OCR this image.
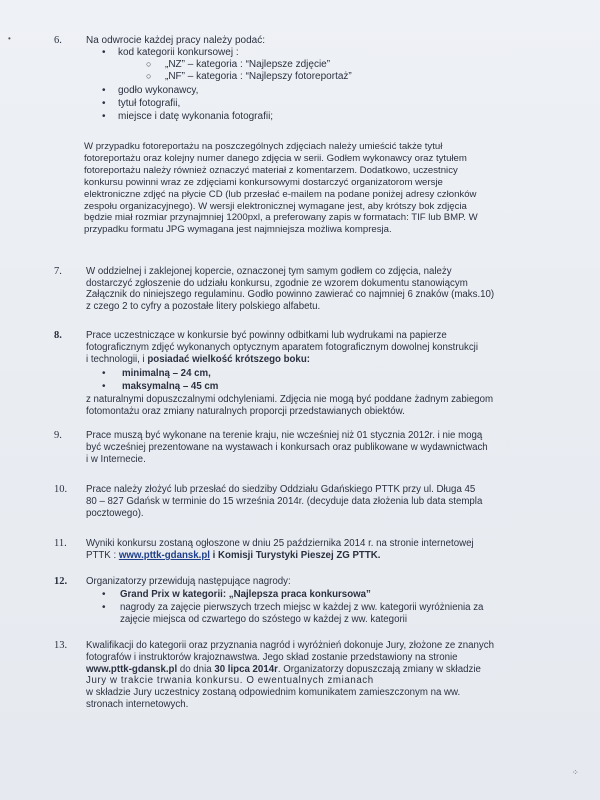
•
⁘
6. Na odwrocie każdej pracy należy podać:
• kod kategorii konkursowej :
○ „NZ” – kategoria : “Najlepsze zdjęcie”
○ „NF” – kategoria : “Najlepszy fotoreportaż”
• godło wykonawcy,
• tytuł fotografii,
• miejsce i datę wykonania fotografii;
W przypadku fotoreportażu na poszczególnych zdjęciach należy umieścić także tytuł
fotoreportażu oraz kolejny numer danego zdjęcia w serii. Godłem wykonawcy oraz tytułem
fotoreportażu należy również oznaczyć materiał z komentarzem. Dodatkowo, uczestnicy
konkursu powinni wraz ze zdjęciami konkursowymi dostarczyć organizatorom wersje
elektroniczne zdjęć na płycie CD (lub przesłać e-mailem na podane poniżej adresy członków
zespołu organizacyjnego). W wersji elektronicznej wymagane jest, aby krótszy bok zdjęcia
będzie miał rozmiar przynajmniej 1200pxl, a preferowany zapis w formatach: TIF lub BMP. W
przypadku formatu JPG wymagana jest najmniejsza możliwa kompresja.
7. W oddzielnej i zaklejonej kopercie, oznaczonej tym samym godłem co zdjęcia, należy
dostarczyć zgłoszenie do udziału konkursu, zgodnie ze wzorem dokumentu stanowiącym
Załącznik do niniejszego regulaminu. Godło powinno zawierać co najmniej 6 znaków (maks.10)
z czego 2 to cyfry a pozostałe litery polskiego alfabetu.
8. Prace uczestniczące w konkursie być powinny odbitkami lub wydrukami na papierze
fotograficznym zdjęć wykonanych optycznym aparatem fotograficznym dowolnej konstrukcji
i technologii, i posiadać wielkość krótszego boku:
• minimalną – 24 cm,
• maksymalną – 45 cm
z naturalnymi dopuszczalnymi odchyleniami. Zdjęcia nie mogą być poddane żadnym zabiegom
fotomontażu oraz zmiany naturalnych proporcji przedstawianych obiektów.
9. Prace muszą być wykonane na terenie kraju, nie wcześniej niż 01 stycznia 2012r. i nie mogą
być wcześniej prezentowane na wystawach i konkursach oraz publikowane w wydawnictwach
i w Internecie.
10. Prace należy złożyć lub przesłać do siedziby Oddziału Gdańskiego PTTK przy ul. Długa 45
80 – 827 Gdańsk w terminie do 15 września 2014r. (decyduje data złożenia lub data stempla
pocztowego).
11. Wyniki konkursu zostaną ogłoszone w dniu 25 października 2014 r. na stronie internetowej
PTTK : www.pttk-gdansk.pl i Komisji Turystyki Pieszej ZG PTTK.
12. Organizatorzy przewidują następujące nagrody:
• Grand Prix w kategorii: „Najlepsza praca konkursowa”
• nagrody za zajęcie pierwszych trzech miejsc w każdej z ww. kategorii wyróżnienia za
zajęcie miejsca od czwartego do szóstego w każdej z ww. kategorii
13. Kwalifikacji do kategorii oraz przyznania nagród i wyróżnień dokonuje Jury, złożone ze znanych
fotografów i instruktorów krajoznawstwa. Jego skład zostanie przedstawiony na stronie
www.pttk-gdansk.pl do dnia 30 lipca 2014r. Organizatorzy dopuszczają zmiany w składzie
Jury w trakcie trwania konkursu. O ewentualnych zmianach
w składzie Jury uczestnicy zostaną odpowiednim komunikatem zamieszczonym na ww.
stronach internetowych.
